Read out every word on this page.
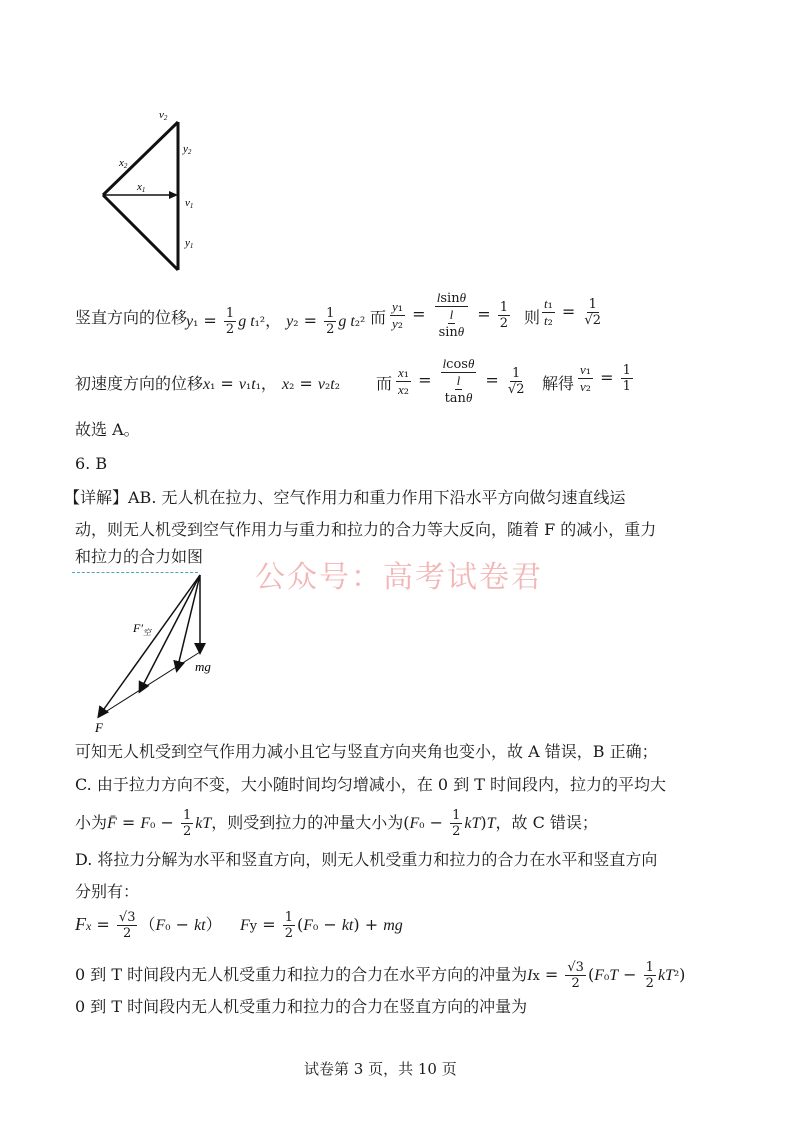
v2
y2
x2
x1
v1
y1
竖直方向的位移
$y_1 = \frac{1}{2}$ g t₁²， $y_2 = \frac{1}{2}$ g t₂² 而 $\frac{\text{y₁}}{\text{y₂}} = \frac{lsin\theta}{\frac{l}{\sin\theta}} = \frac{1}{2}$ 则 $\frac{\text{t₁}}{\text{t₂}} = \frac{1}{√2}$
初速度方向的位移 x₁ = v₁t₁， x₂ = v₂t₂ 而 $\frac{\text{x₁}}{\text{x₂}} = \frac{lcos\theta}{\frac{l}{\tan\theta}} = \frac{1}{√2}$ 解得 $\frac{\text{v₁}}{\text{v₂}} = \frac{1}{1}$
故选 A。
6. B
【详解】AB. 无人机在拉力、空气作用力和重力作用下沿水平方向做匀速直线运
动，则无人机受到空气作用力与重力和拉力的合力等大反向，随着 F 的减小，重力
和拉力的合力如图
公众号：高考试卷君
$F'_空$
mg
F
可知无人机受到空气作用力减小且它与竖直方向夹角也变小，故 A 错误，B 正确；
C. 由于拉力方向不变，大小随时间均匀增减小，在 0 到 T 时间段内，拉力的平均大
小为F̄ = $F_0 - \frac{1}{2}$ kT，则受到拉力的冲量大小为$(F_0 - \frac{1}{2} kT)T$，故 C 错误；
D. 将拉力分解为水平和竖直方向，则无人机受重力和拉力的合力在水平和竖直方向
分别有：
$Fx = \frac{√3}{2} (F_0 - kt) Fy = \frac{1}{2} (F_0 - kt)$ + mg
0 到 T 时间段内无人机受重力和拉力的合力在水平方向的冲量为$Ix = \frac{√3}{2} (F_0T - \frac{1}{2} kT^2)$
0 到 T 时间段内无人机受重力和拉力的合力在竖直方向的冲量为
试卷第 3 页，共 10 页
